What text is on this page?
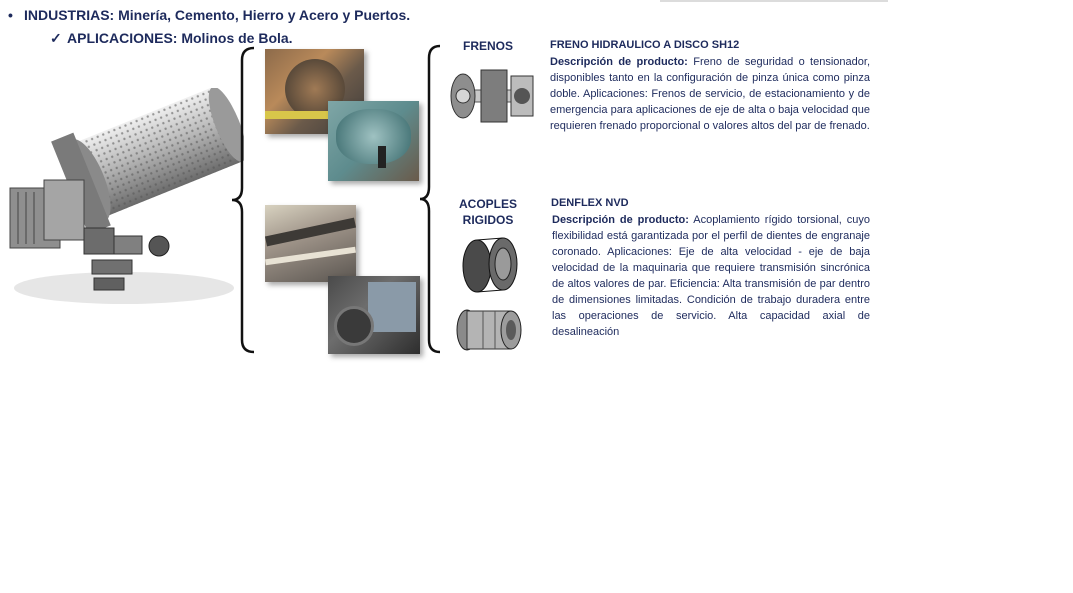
• INDUSTRIAS: Minería, Cemento, Hierro y Acero y Puertos.
✓ APLICACIONES: Molinos de Bola.	FRENOS
ACOPLES
RIGIDOS
FRENO HIDRAULICO A DISCO SH12
Descripción de producto: Freno de seguridad o tensionador, disponibles tanto en la configuración de pinza única como pinza doble. Aplicaciones: Frenos de servicio, de estacionamiento y de emergencia para aplicaciones de eje de alta o baja velocidad que requieren frenado proporcional o valores altos del par de frenado.
DENFLEX NVD
Descripción de producto: Acoplamiento rígido torsional, cuyo flexibilidad está garantizada por el perfil de dientes de engranaje coronado. Aplicaciones: Eje de alta velocidad - eje de baja velocidad de la maquinaria que requiere transmisión sincrónica de altos valores de par. Eficiencia: Alta transmisión de par dentro de dimensiones limitadas. Condición de trabajo duradera entre las operaciones de servicio. Alta capacidad axial de desalineación
